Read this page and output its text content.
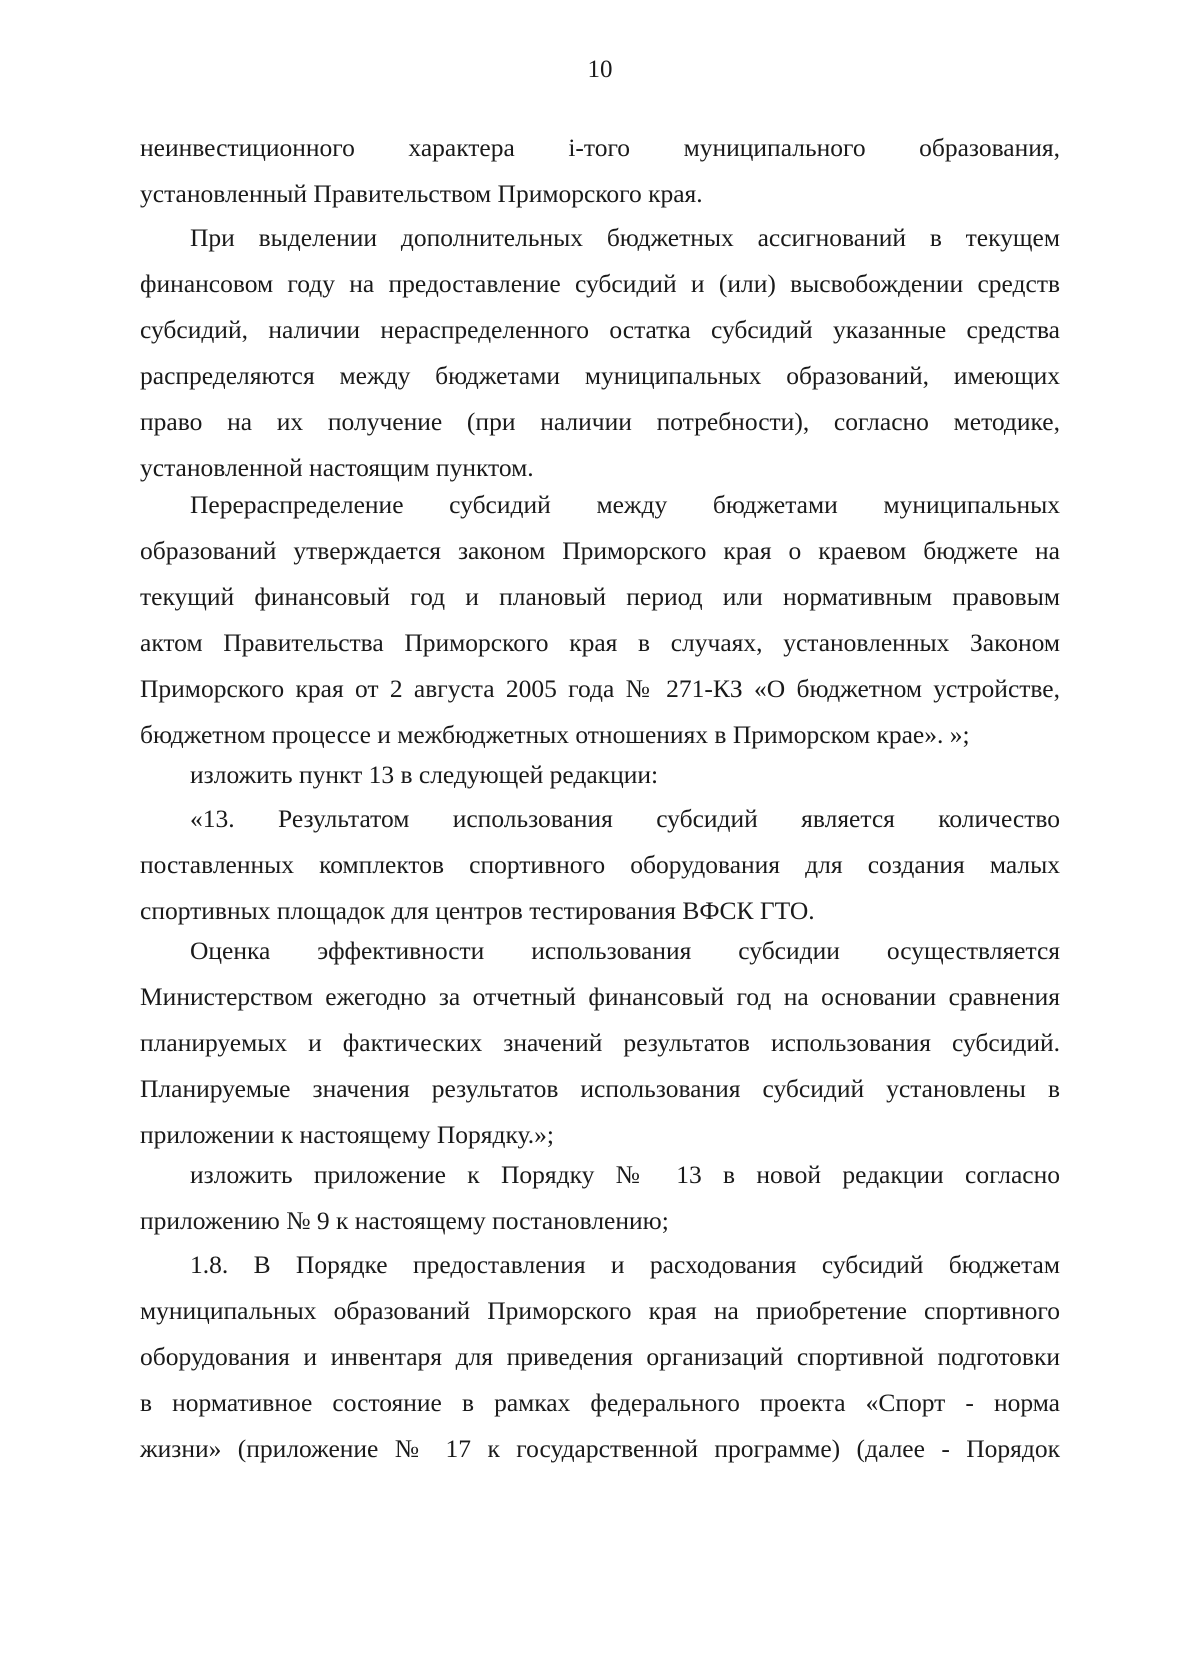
10
неинвестиционного характера i-того муниципального образования,
установленный Правительством Приморского края.
При выделении дополнительных бюджетных ассигнований в текущем
финансовом году на предоставление субсидий и (или) высвобождении средств
субсидий, наличии нераспределенного остатка субсидий указанные средства
распределяются между бюджетами муниципальных образований, имеющих
право на их получение (при наличии потребности), согласно методике,
установленной настоящим пунктом.
Перераспределение субсидий между бюджетами муниципальных
образований утверждается законом Приморского края о краевом бюджете на
текущий финансовый год и плановый период или нормативным правовым
актом Правительства Приморского края в случаях, установленных Законом
Приморского края от 2 августа 2005 года № 271-КЗ «О бюджетном устройстве,
бюджетном процессе и межбюджетных отношениях в Приморском крае». »;
изложить пункт 13 в следующей редакции:
«13. Результатом использования субсидий является количество
поставленных комплектов спортивного оборудования для создания малых
спортивных площадок для центров тестирования ВФСК ГТО.
Оценка эффективности использования субсидии осуществляется
Министерством ежегодно за отчетный финансовый год на основании сравнения
планируемых и фактических значений результатов использования субсидий.
Планируемые значения результатов использования субсидий установлены в
приложении к настоящему Порядку.»;
изложить приложение к Порядку № 13 в новой редакции согласно
приложению № 9 к настоящему постановлению;
1.8. В Порядке предоставления и расходования субсидий бюджетам
муниципальных образований Приморского края на приобретение спортивного
оборудования и инвентаря для приведения организаций спортивной подготовки
в нормативное состояние в рамках федерального проекта «Спорт - норма
жизни» (приложение № 17 к государственной программе) (далее - Порядок
